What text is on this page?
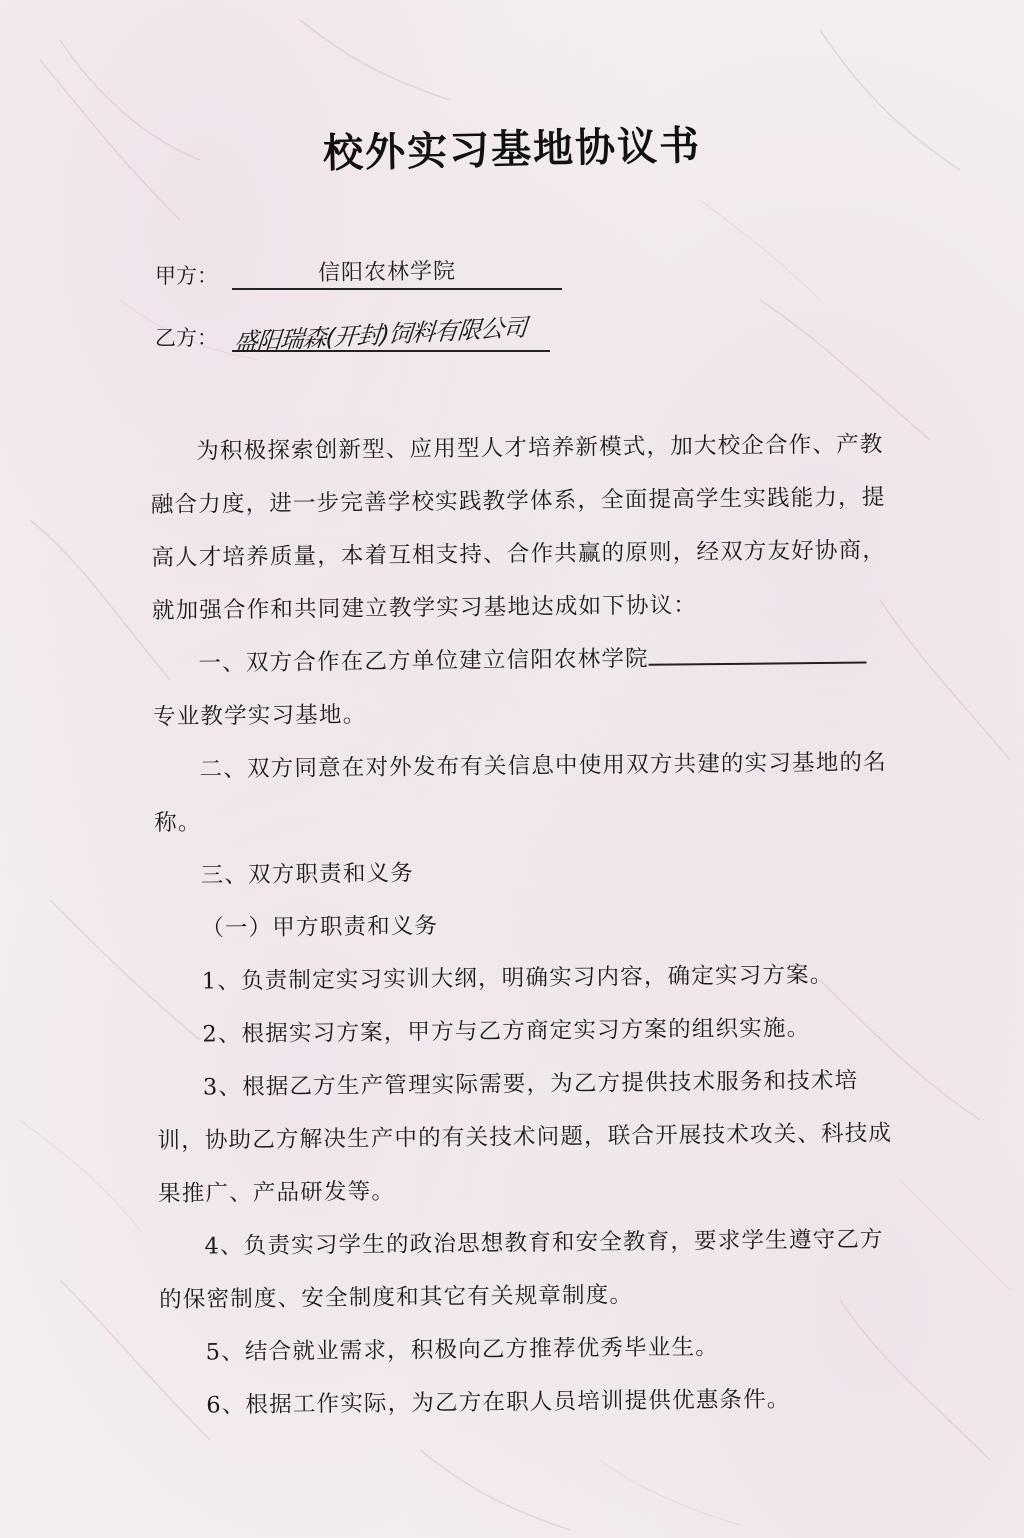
校外实习基地协议书
甲方：	信阳农林学院
乙方： 盛阳瑞森(开封)饲料有限公司

为积极探索创新型、应用型人才培养新模式，加大校企合作、产教融合力度，进一步完善学校实践教学体系，全面提高学生实践能力，提高人才培养质量，本着互相支持、合作共赢的原则，经双方友好协商，就加强合作和共同建立教学实习基地达成如下协议：

一、双方合作在乙方单位建立信阳农林学院

专业教学实习基地。

二、双方同意在对外发布有关信息中使用双方共建的实习基地的名称。

三、双方职责和义务

（一）甲方职责和义务

1、负责制定实习实训大纲，明确实习内容，确定实习方案。

2、根据实习方案，甲方与乙方商定实习方案的组织实施。

3、根据乙方生产管理实际需要，为乙方提供技术服务和技术培训，协助乙方解决生产中的有关技术问题，联合开展技术攻关、科技成果推广、产品研发等。

4、负责实习学生的政治思想教育和安全教育，要求学生遵守乙方的保密制度、安全制度和其它有关规章制度。

5、结合就业需求，积极向乙方推荐优秀毕业生。

6、根据工作实际，为乙方在职人员培训提供优惠条件。
